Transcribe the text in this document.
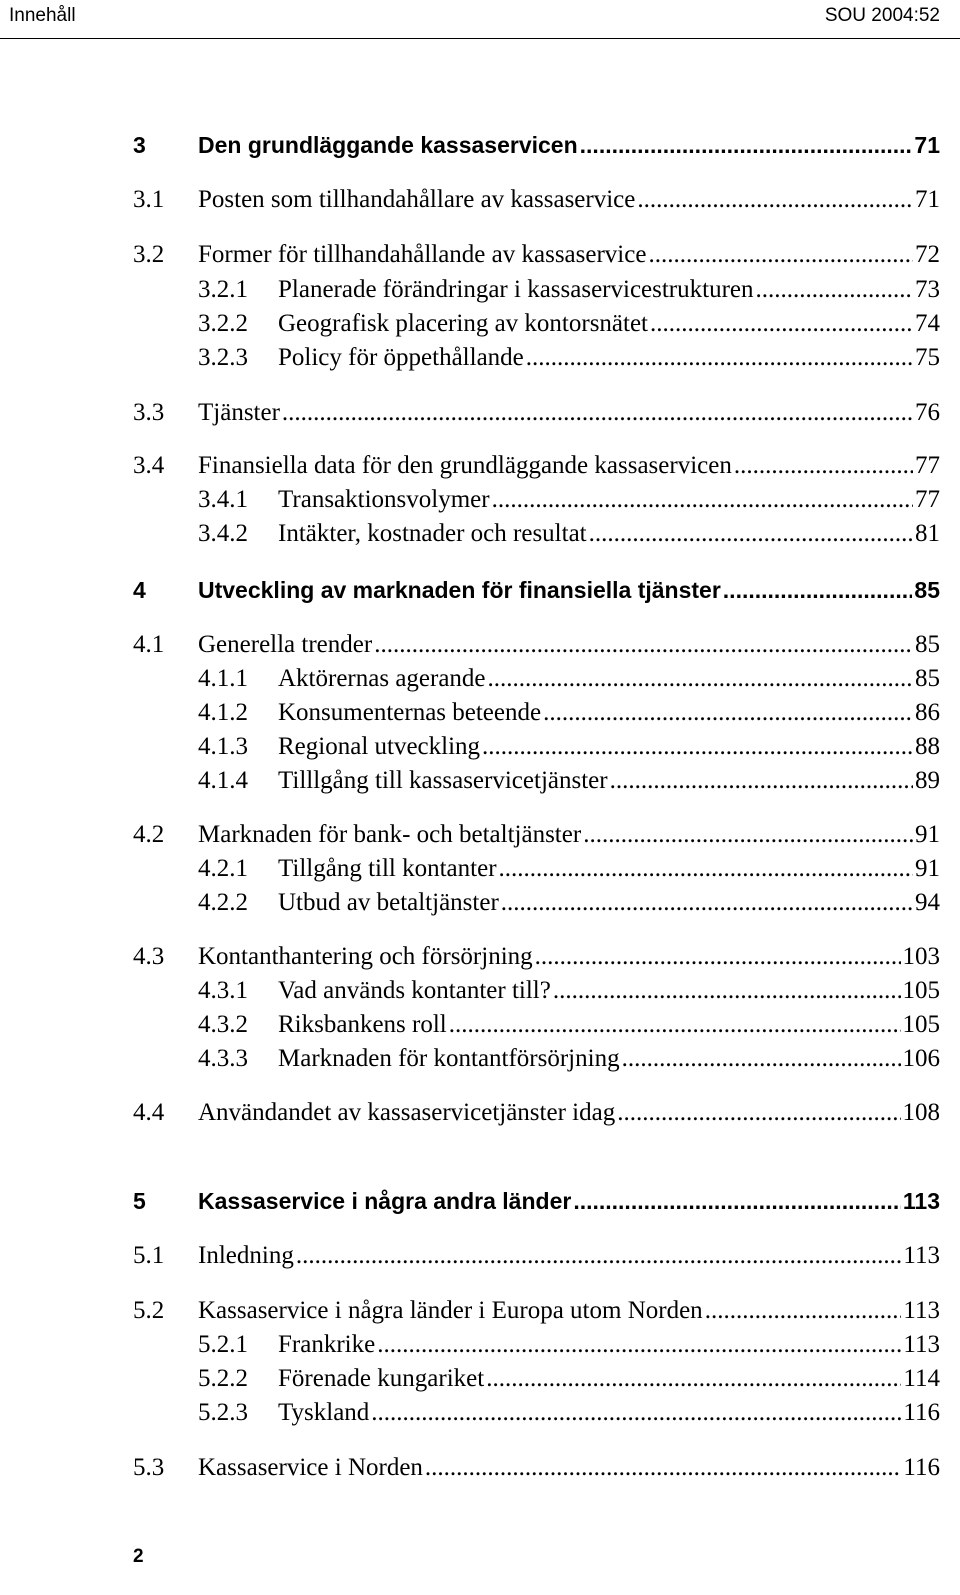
Innehåll	SOU 2004:52
3 Den grundläggande kassaservicen .....	71
3.1 Posten som tillhandahållare av kassaservice .....	71
3.2 Former för tillhandahållande av kassaservice .....	72
3.2.1 Planerade förändringar i kassaservicestrukturen .....	73
3.2.2 Geografisk placering av kontorsnätet .....	74
3.2.3 Policy för öppethållande .....	75
3.3 Tjänster .....	76
3.4 Finansiella data för den grundläggande kassaservicen .....	77
3.4.1 Transaktionsvolymer .....	77
3.4.2 Intäkter, kostnader och resultat .....	81
4 Utveckling av marknaden för finansiella tjänster .....	85
4.1 Generella trender .....	85
4.1.1 Aktörernas agerande .....	85
4.1.2 Konsumenternas beteende .....	86
4.1.3 Regional utveckling .....	88
4.1.4 Tilllgång till kassaservicetjänster .....	89
4.2 Marknaden för bank- och betaltjänster .....	91
4.2.1 Tillgång till kontanter .....	91
4.2.2 Utbud av betaltjänster .....	94
4.3 Kontanthantering och försörjning .....	103
4.3.1 Vad används kontanter till? .....	105
4.3.2 Riksbankens roll .....	105
4.3.3 Marknaden för kontantförsörjning .....	106
4.4 Användandet av kassaservicetjänster idag .....	108
5 Kassaservice i några andra länder .....	113
5.1 Inledning .....	113
5.2 Kassaservice i några länder i Europa utom Norden .....	113
5.2.1 Frankrike .....	113
5.2.2 Förenade kungariket .....	114
5.2.3 Tyskland .....	116
5.3 Kassaservice i Norden .....	116
2
